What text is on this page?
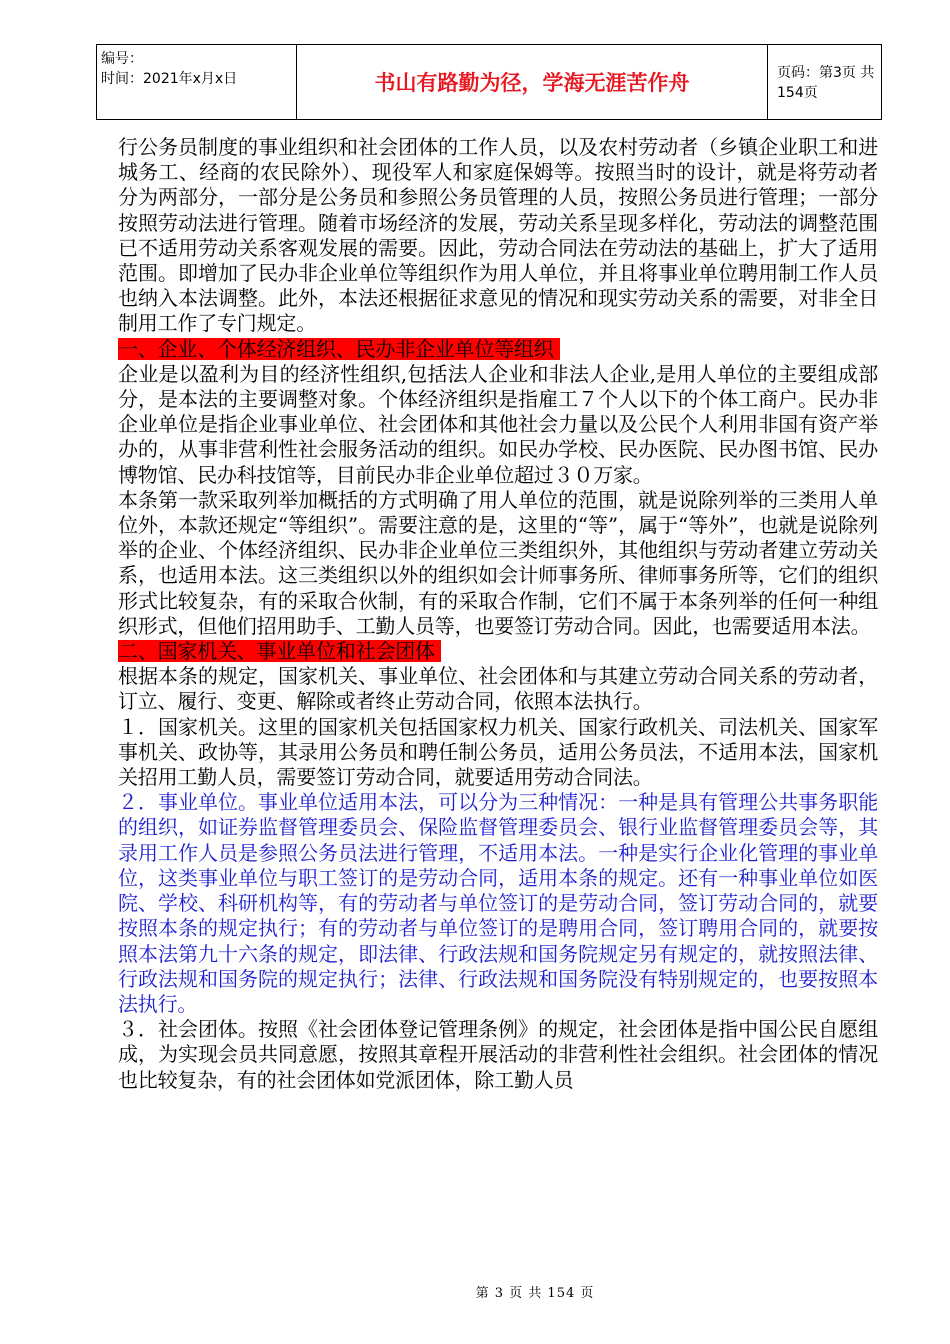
编号：
时间：2021年x月x日	书山有路勤为径，学海无涯苦作舟	页码：第3页 共154页

行公务员制度的事业组织和社会团体的工作人员，以及农村劳动者（乡镇企业职工和进城务工、经商的农民除外）、现役军人和家庭保姆等。按照当时的设计，就是将劳动者分为两部分，一部分是公务员和参照公务员管理的人员，按照公务员进行管理；一部分按照劳动法进行管理。随着市场经济的发展，劳动关系呈现多样化，劳动法的调整范围已不适用劳动关系客观发展的需要。因此，劳动合同法在劳动法的基础上，扩大了适用范围。即增加了民办非企业单位等组织作为用人单位，并且将事业单位聘用制工作人员也纳入本法调整。此外，本法还根据征求意见的情况和现实劳动关系的需要，对非全日制用工作了专门规定。

一、企业、个体经济组织、民办非企业单位等组织

企业是以盈利为目的经济性组织,包括法人企业和非法人企业,是用人单位的主要组成部分，是本法的主要调整对象。个体经济组织是指雇工７个人以下的个体工商户。民办非企业单位是指企业事业单位、社会团体和其他社会力量以及公民个人利用非国有资产举办的，从事非营利性社会服务活动的组织。如民办学校、民办医院、民办图书馆、民办博物馆、民办科技馆等，目前民办非企业单位超过３０万家。

本条第一款采取列举加概括的方式明确了用人单位的范围，就是说除列举的三类用人单位外，本款还规定“等组织”。需要注意的是，这里的“等”，属于“等外”，也就是说除列举的企业、个体经济组织、民办非企业单位三类组织外，其他组织与劳动者建立劳动关系，也适用本法。这三类组织以外的组织如会计师事务所、律师事务所等，它们的组织形式比较复杂，有的采取合伙制，有的采取合作制，它们不属于本条列举的任何一种组织形式，但他们招用助手、工勤人员等，也要签订劳动合同。因此，也需要适用本法。

二、国家机关、事业单位和社会团体

根据本条的规定，国家机关、事业单位、社会团体和与其建立劳动合同关系的劳动者，订立、履行、变更、解除或者终止劳动合同，依照本法执行。

１．国家机关。这里的国家机关包括国家权力机关、国家行政机关、司法机关、国家军事机关、政协等，其录用公务员和聘任制公务员，适用公务员法，不适用本法，国家机关招用工勤人员，需要签订劳动合同，就要适用劳动合同法。

２．事业单位。事业单位适用本法，可以分为三种情况：一种是具有管理公共事务职能的组织，如证券监督管理委员会、保险监督管理委员会、银行业监督管理委员会等，其录用工作人员是参照公务员法进行管理，不适用本法。一种是实行企业化管理的事业单位，这类事业单位与职工签订的是劳动合同，适用本条的规定。还有一种事业单位如医院、学校、科研机构等，有的劳动者与单位签订的是劳动合同，签订劳动合同的，就要按照本条的规定执行；有的劳动者与单位签订的是聘用合同，签订聘用合同的，就要按照本法第九十六条的规定，即法律、行政法规和国务院规定另有规定的，就按照法律、行政法规和国务院的规定执行；法律、行政法规和国务院没有特别规定的，也要按照本法执行。

３．社会团体。按照《社会团体登记管理条例》的规定，社会团体是指中国公民自愿组成，为实现会员共同意愿，按照其章程开展活动的非营利性社会组织。社会团体的情况也比较复杂，有的社会团体如党派团体，除工勤人员

第 3 页 共 154 页
